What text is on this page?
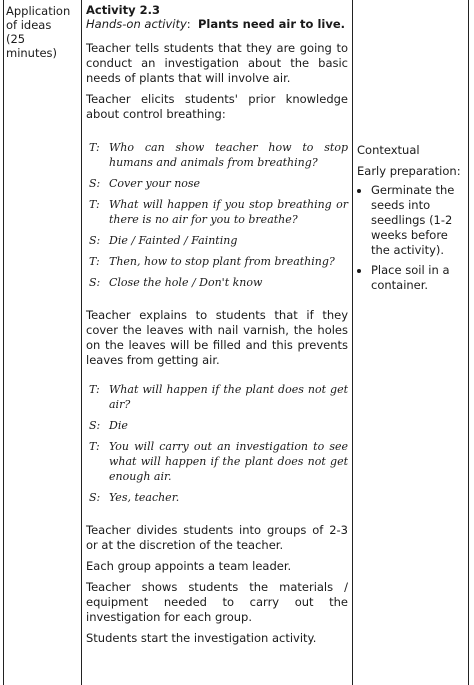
Application
of ideas
(25 minutes)
Activity 2.3
Hands-on activity:  Plants need air to live.

Teacher tells students that they are going to conduct an investigation about the basic needs of plants that will involve air.

Teacher elicits students' prior knowledge about control breathing:

T: Who can show teacher how to stop humans and animals from breathing?
S: Cover your nose
T: What will happen if you stop breathing or there is no air for you to breathe?
S: Die / Fainted / Fainting
T: Then, how to stop plant from breathing?
S: Close the hole / Don't know

Teacher explains to students that if they cover the leaves with nail varnish, the holes on the leaves will be filled and this prevents leaves from getting air.

T: What will happen if the plant does not get air?
S: Die
T: You will carry out an investigation to see what will happen if the plant does not get enough air.
S: Yes, teacher.

Teacher divides students into groups of 2-3 or at the discretion of the teacher.

Each group appoints a team leader.

Teacher shows students the materials / equipment needed to carry out the investigation for each group.

Students start the investigation activity.

Contextual
Early preparation:
• Germinate the seeds into seedlings (1-2 weeks before the activity).
• Place soil in a container.
